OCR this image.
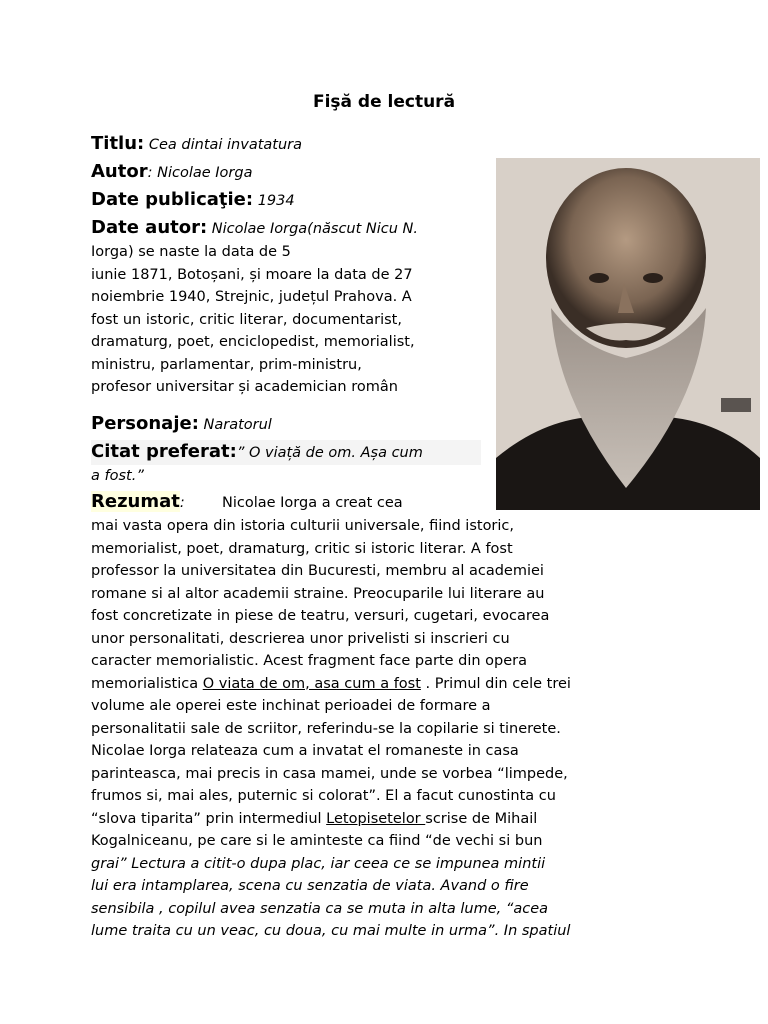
Fişă de lectură
Titlu: Cea dintai invatatura
Autor: Nicolae Iorga
Date publicaţie: 1934
Date autor: Nicolae Iorga(născut Nicu N.
Iorga) se naste la data de 5
iunie 1871, Botoșani, și moare la data de 27
noiembrie 1940, Strejnic, județul Prahova. A
fost un istoric, critic literar, documentarist,
dramaturg, poet, enciclopedist, memorialist,
ministru, parlamentar, prim-ministru,
profesor universitar și academician român
Personaje: Naratorul
Citat preferat:” O viață de om. Așa cum
a fost.”
Rezumat:	Nicolae Iorga a creat cea
mai vasta opera din istoria culturii universale, fiind istoric,
memorialist, poet, dramaturg, critic si istoric literar. A fost
professor la universitatea din Bucuresti, membru al academiei
romane si al altor academii straine. Preocuparile lui literare au
fost concretizate in piese de teatru, versuri, cugetari, evocarea
unor personalitati, descrierea unor privelisti si inscrieri cu
caracter memorialistic. Acest fragment face parte din opera
memorialistica O viata de om, asa cum a fost . Primul din cele trei
volume ale operei este inchinat perioadei de formare a
personalitatii sale de scriitor, referindu-se la copilarie si tinerete.
Nicolae Iorga relateaza cum a invatat el romaneste in casa
parinteasca, mai precis in casa mamei, unde se vorbea “limpede,
frumos si, mai ales, puternic si colorat”. El a facut cunostinta cu
“slova tiparita” prin intermediul Letopisetelor scrise de Mihail
Kogalniceanu, pe care si le aminteste ca fiind “de vechi si bun
grai” Lectura a citit-o dupa plac, iar ceea ce se impunea mintii
lui era intamplarea, scena cu senzatia de viata. Avand o fire
sensibila , copilul avea senzatia ca se muta in alta lume, “acea
lume traita cu un veac, cu doua, cu mai multe in urma”. In spatiul
